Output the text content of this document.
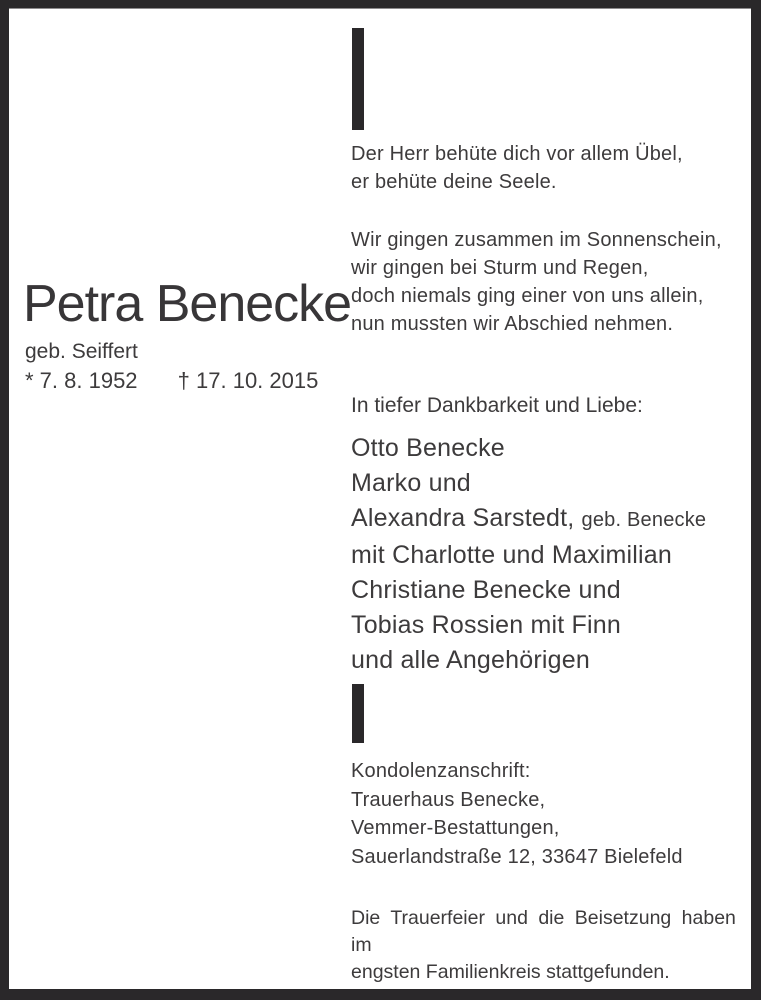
Der Herr behüte dich vor allem Übel,
er behüte deine Seele.
Wir gingen zusammen im Sonnenschein,
wir gingen bei Sturm und Regen,
doch niemals ging einer von uns allein,
nun mussten wir Abschied nehmen.
Petra Benecke
geb. Seiffert
* 7. 8. 1952 † 17. 10. 2015
In tiefer Dankbarkeit und Liebe:
Otto Benecke
Marko und
Alexandra Sarstedt, geb. Benecke
mit Charlotte und Maximilian
Christiane Benecke und
Tobias Rossien mit Finn
und alle Angehörigen
Kondolenzanschrift:
Trauerhaus Benecke,
Vemmer-Bestattungen,
Sauerlandstraße 12, 33647 Bielefeld
Die Trauerfeier und die Beisetzung haben im
engsten Familienkreis stattgefunden.
